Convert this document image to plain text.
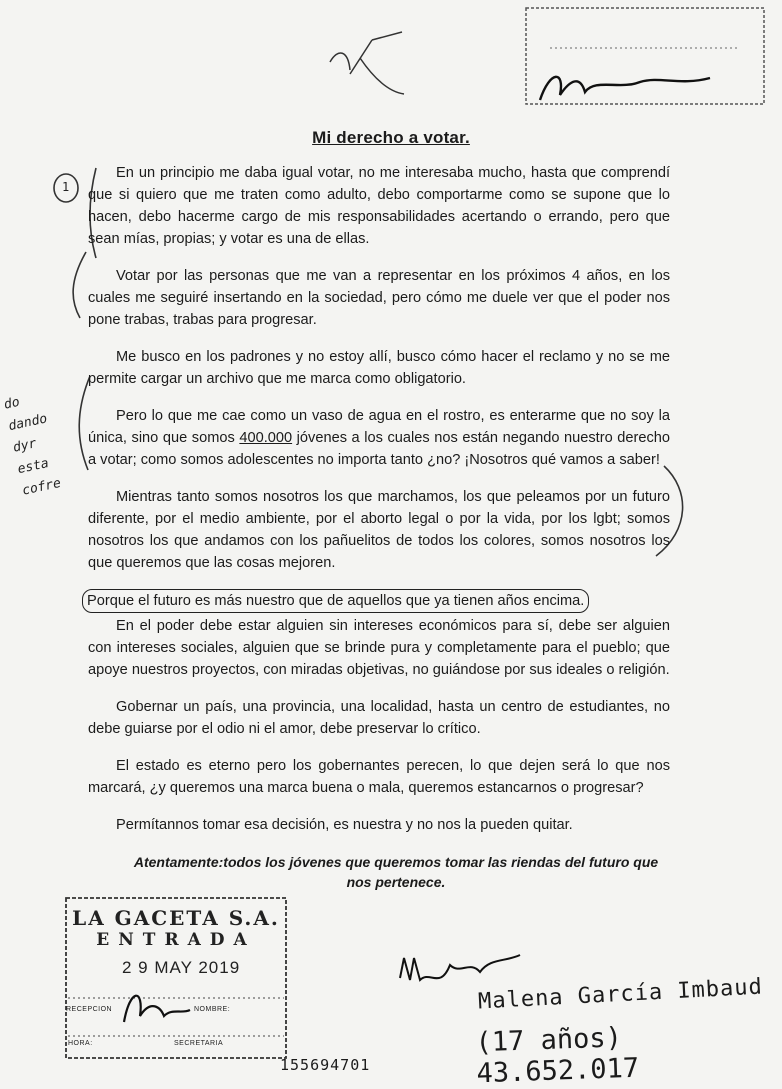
Mi derecho a votar.

En un principio me daba igual votar, no me interesaba mucho, hasta que comprendí que si quiero que me traten como adulto, debo comportarme como se supone que lo hacen, debo hacerme cargo de mis responsabilidades acertando o errando, pero que sean mías, propias; y votar es una de ellas.

Votar por las personas que me van a representar en los próximos 4 años, en los cuales me seguiré insertando en la sociedad, pero cómo me duele ver que el poder nos pone trabas, trabas para progresar.

Me busco en los padrones y no estoy allí, busco cómo hacer el reclamo y no se me permite cargar un archivo que me marca como obligatorio.

Pero lo que me cae como un vaso de agua en el rostro, es enterarme que no soy la única, sino que somos 400.000 jóvenes a los cuales nos están negando nuestro derecho a votar; como somos adolescentes no importa tanto ¿no? ¡Nosotros qué vamos a saber!

Mientras tanto somos nosotros los que marchamos, los que peleamos por un futuro diferente, por el medio ambiente, por el aborto legal o por la vida, por los lgbt; somos nosotros los que andamos con los pañuelitos de todos los colores, somos nosotros los que queremos que las cosas mejoren.

Porque el futuro es más nuestro que de aquellos que ya tienen años encima.

En el poder debe estar alguien sin intereses económicos para sí, debe ser alguien con intereses sociales, alguien que se brinde pura y completamente para el pueblo; que apoye nuestros proyectos, con miradas objetivas, no guiándose por sus ideales o religión.

Gobernar un país, una provincia, una localidad, hasta un centro de estudiantes, no debe guiarse por el odio ni el amor, debe preservar lo crítico.

El estado es eterno pero los gobernantes perecen, lo que dejen será lo que nos marcará, ¿y queremos una marca buena o mala, queremos estancarnos o progresar?

Permítannos tomar esa decisión, es nuestra y no nos la pueden quitar.

Atentamente:todos los jóvenes que queremos tomar las riendas del futuro que nos pertenece.
do
dando
dyr
esta
cofre
1
LA GACETA S.A.
ENTRADA
2 9 MAY 2019
RECEPCION	NOMBRE:
HORA:	SECRETARIA
Malena García Imbaud
(17 años) 43.652.017
155694701
